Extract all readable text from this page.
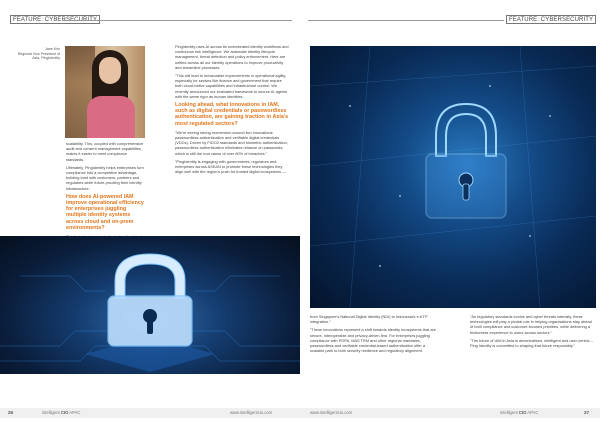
FEATURE: CYBERSECURITY
Jane Kim
Regional Vice President of Asia, PingIdentity

scalability. This, coupled with comprehensive audit and consent management capabilities, makes it easier to meet compliance standards.

Ultimately, PingIdentity helps enterprises turn compliance into a competitive advantage, building trust with customers, partners and regulators while future-proofing their identity infrastructure.

How does AI-powered IAM improve operational efficiency for enterprises juggling multiple identity systems across cloud and on-prem environments?

PingIdentity uses AI across its orchestrated identity workflows and continuous risk intelligence. We automate identity lifecycle management, threat detection and policy enforcement. Here are unified across all our identity operations to improve productivity and streamline processes.

"This will lead to measurable improvements in operational agility, especially for sectors like finance and government that require both cloud-native capabilities and infrastructure control. We recently announced our evaluated framework to secure AI agents with the same rigor as human identities.

Looking ahead, what innovations in IAM, such as digital credentials or passwordless authentication, are gaining traction in Asia's most regulated sectors?

"We're seeing strong momentum around two innovations: passwordless authentication and verifiable digital credentials (VDCs). Driven by FIDO2 standards and biometric authentication, passwordless authentication eliminates reliance on passwords, which is still the root cause of over 80% of breaches."

"PingIdentity is engaging with governments, regulators and enterprises across ASEAN to promote these technologies they align well with the region's push for trusted digital ecosystems —

26	intelligent CIO APAC	www.intelligentcio.com
FEATURE: CYBERSECURITY

from Singapore's National Digital Identity (NDI) to Indonesia's e-KTP integration."

"These innovations represent a shift towards identity ecosystems that are secure, interoperable and privacy-driven-first. For enterprises juggling compliance with PDPA, MAS TRM and other regional mandates, passwordless and verifiable credential-based authentication offer a scalable path to both security resilience and regulatory alignment.

"As regulatory standards evolve and cyber threats intensify, these technologies will play a pivotal role in helping organisations stay ahead of both compliance and customer-focused priorities, while delivering a frictionless experience to users across sectors."

"The future of IAM in Asia is decentralised, intelligent and user-centric – Ping Identity is committed to shaping that future responsibly."

www.intelligentcio.com	intelligent CIO APAC	27
